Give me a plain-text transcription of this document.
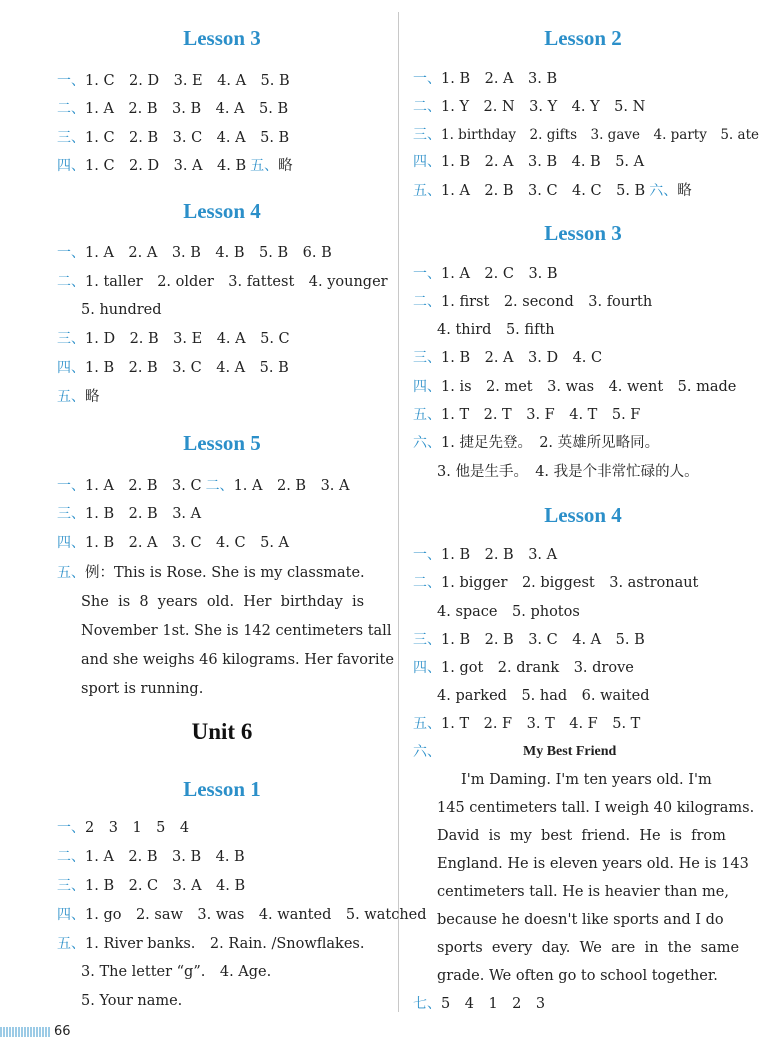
Lesson 3
一、1. C　2. D　3. E　4. A　5. B
二、1. A　2. B　3. B　4. A　5. B
三、1. C　2. B　3. C　4. A　5. B
四、1. C　2. D　3. A　4. B 五、略
Lesson 4
一、1. A　2. A　3. B　4. B　5. B　6. B
二、1. taller　2. older　3. fattest　4. younger
5. hundred
三、1. D　2. B　3. E　4. A　5. C
四、1. B　2. B　3. C　4. A　5. B
五、略
Lesson 5
一、1. A　2. B　3. C 二、1. A　2. B　3. A
三、1. B　2. B　3. A
四、1. B　2. A　3. C　4. C　5. A
五、例：This is Rose. She is my classmate.
She  is  8  years  old.  Her  birthday  is
November 1st. She is 142 centimeters tall
and she weighs 46 kilograms. Her favorite
sport is running.
Unit 6
Lesson 1
一、2　3　1　5　4
二、1. A　2. B　3. B　4. B
三、1. B　2. C　3. A　4. B
四、1. go　2. saw　3. was　4. wanted　5. watched
五、1. River banks.　2. Rain. /Snowflakes.
3. The letter “g”.　4. Age.
5. Your name.
Lesson 2
一、1. B　2. A　3. B
二、1. Y　2. N　3. Y　4. Y　5. N
三、1. birthday　2. gifts　3. gave　4. party　5. ate
四、1. B　2. A　3. B　4. B　5. A
五、1. A　2. B　3. C　4. C　5. B 六、略
Lesson 3
一、1. A　2. C　3. B
二、1. first　2. second　3. fourth
4. third　5. fifth
三、1. B　2. A　3. D　4. C
四、1. is　2. met　3. was　4. went　5. made
五、1. T　2. T　3. F　4. T　5. F
六、1. 捷足先登。　2. 英雄所见略同。
3. 他是生手。　4. 我是个非常忙碌的人。
Lesson 4
一、1. B　2. B　3. A
二、1. bigger　2. biggest　3. astronaut
4. space　5. photos
三、1. B　2. B　3. C　4. A　5. B
四、1. got　2. drank　3. drove
4. parked　5. had　6. waited
五、1. T　2. F　3. T　4. F　5. T
六、	My Best Friend
I'm Daming. I'm ten years old. I'm
145 centimeters tall. I weigh 40 kilograms.
David  is  my  best  friend.  He  is  from
England. He is eleven years old. He is 143
centimeters tall. He is heavier than me,
because he doesn't like sports and I do
sports  every  day.  We  are  in  the  same
grade. We often go to school together.
七、5　4　1　2　3
66
